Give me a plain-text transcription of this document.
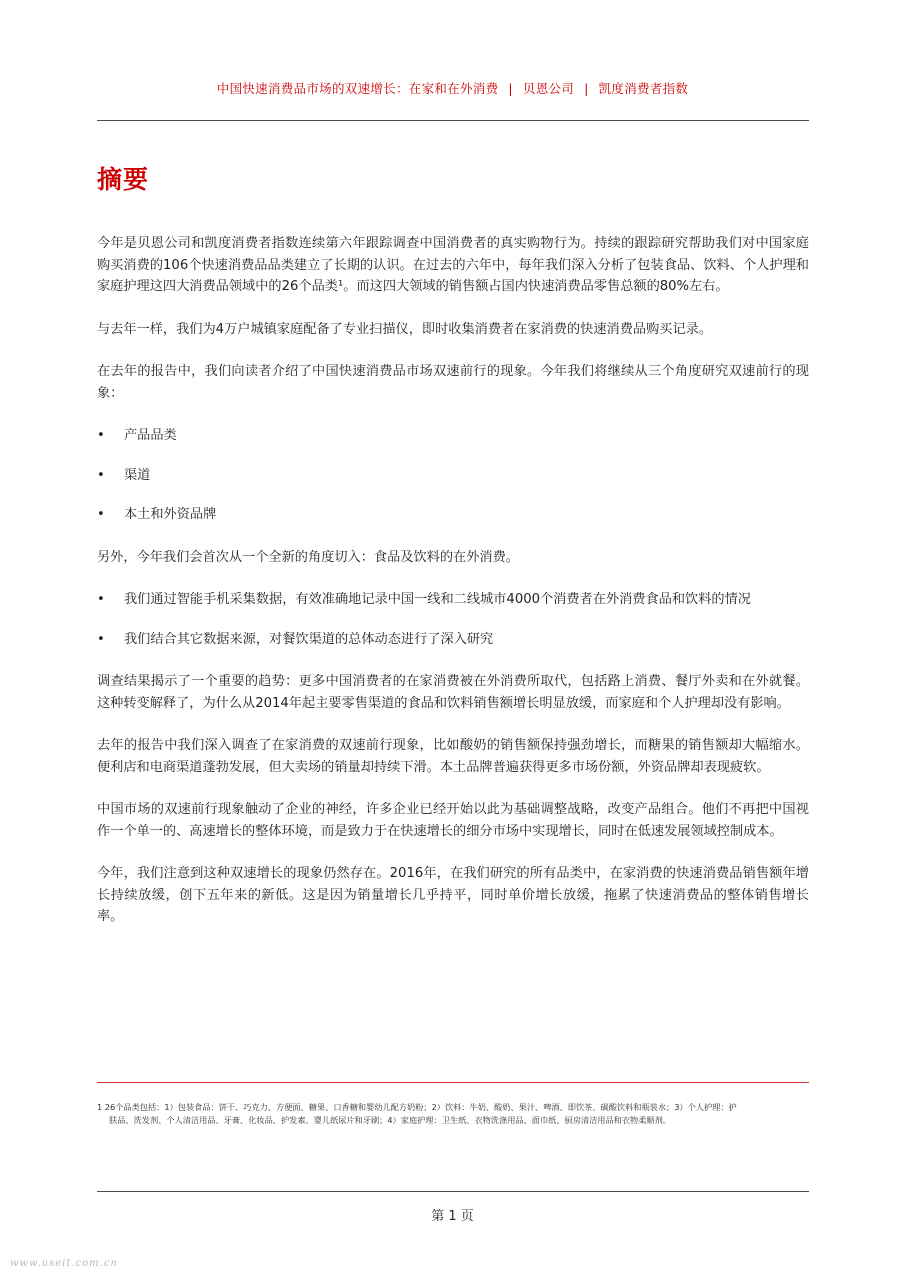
中国快速消费品市场的双速增长：在家和在外消费 | 贝恩公司 | 凯度消费者指数
摘要

今年是贝恩公司和凯度消费者指数连续第六年跟踪调查中国消费者的真实购物行为。持续的跟踪研究帮助我们对中国家庭购买消费的106个快速消费品品类建立了长期的认识。在过去的六年中，每年我们深入分析了包装食品、饮料、个人护理和家庭护理这四大消费品领域中的26个品类¹。而这四大领域的销售额占国内快速消费品零售总额的80%左右。

与去年一样，我们为4万户城镇家庭配备了专业扫描仪，即时收集消费者在家消费的快速消费品购买记录。

在去年的报告中，我们向读者介绍了中国快速消费品市场双速前行的现象。今年我们将继续从三个角度研究双速前行的现象：

• 产品品类
• 渠道
• 本土和外资品牌

另外，今年我们会首次从一个全新的角度切入：食品及饮料的在外消费。

• 我们通过智能手机采集数据，有效准确地记录中国一线和二线城市4000个消费者在外消费食品和饮料的情况
• 我们结合其它数据来源，对餐饮渠道的总体动态进行了深入研究

调查结果揭示了一个重要的趋势：更多中国消费者的在家消费被在外消费所取代，包括路上消费、餐厅外卖和在外就餐。这种转变解释了，为什么从2014年起主要零售渠道的食品和饮料销售额增长明显放缓，而家庭和个人护理却没有影响。

去年的报告中我们深入调查了在家消费的双速前行现象，比如酸奶的销售额保持强劲增长，而糖果的销售额却大幅缩水。便利店和电商渠道蓬勃发展，但大卖场的销量却持续下滑。本土品牌普遍获得更多市场份额，外资品牌却表现疲软。

中国市场的双速前行现象触动了企业的神经，许多企业已经开始以此为基础调整战略，改变产品组合。他们不再把中国视作一个单一的、高速增长的整体环境，而是致力于在快速增长的细分市场中实现增长，同时在低速发展领域控制成本。

今年，我们注意到这种双速增长的现象仍然存在。2016年，在我们研究的所有品类中，在家消费的快速消费品销售额年增长持续放缓，创下五年来的新低。这是因为销量增长几乎持平，同时单价增长放缓，拖累了快速消费品的整体销售增长率。

1 26个品类包括：1）包装食品：饼干、巧克力、方便面、糖果、口香糖和婴幼儿配方奶粉；2）饮料：牛奶、酸奶、果汁、啤酒、即饮茶、碳酸饮料和瓶装水；3）个人护理：护
肤品、洗发剂、个人清洁用品、牙膏、化妆品、护发素、婴儿纸尿片和牙刷；4）家庭护理：卫生纸、衣物洗涤用品、面巾纸、厨房清洁用品和衣物柔顺剂。
第 1 页
www.useit.com.cn
